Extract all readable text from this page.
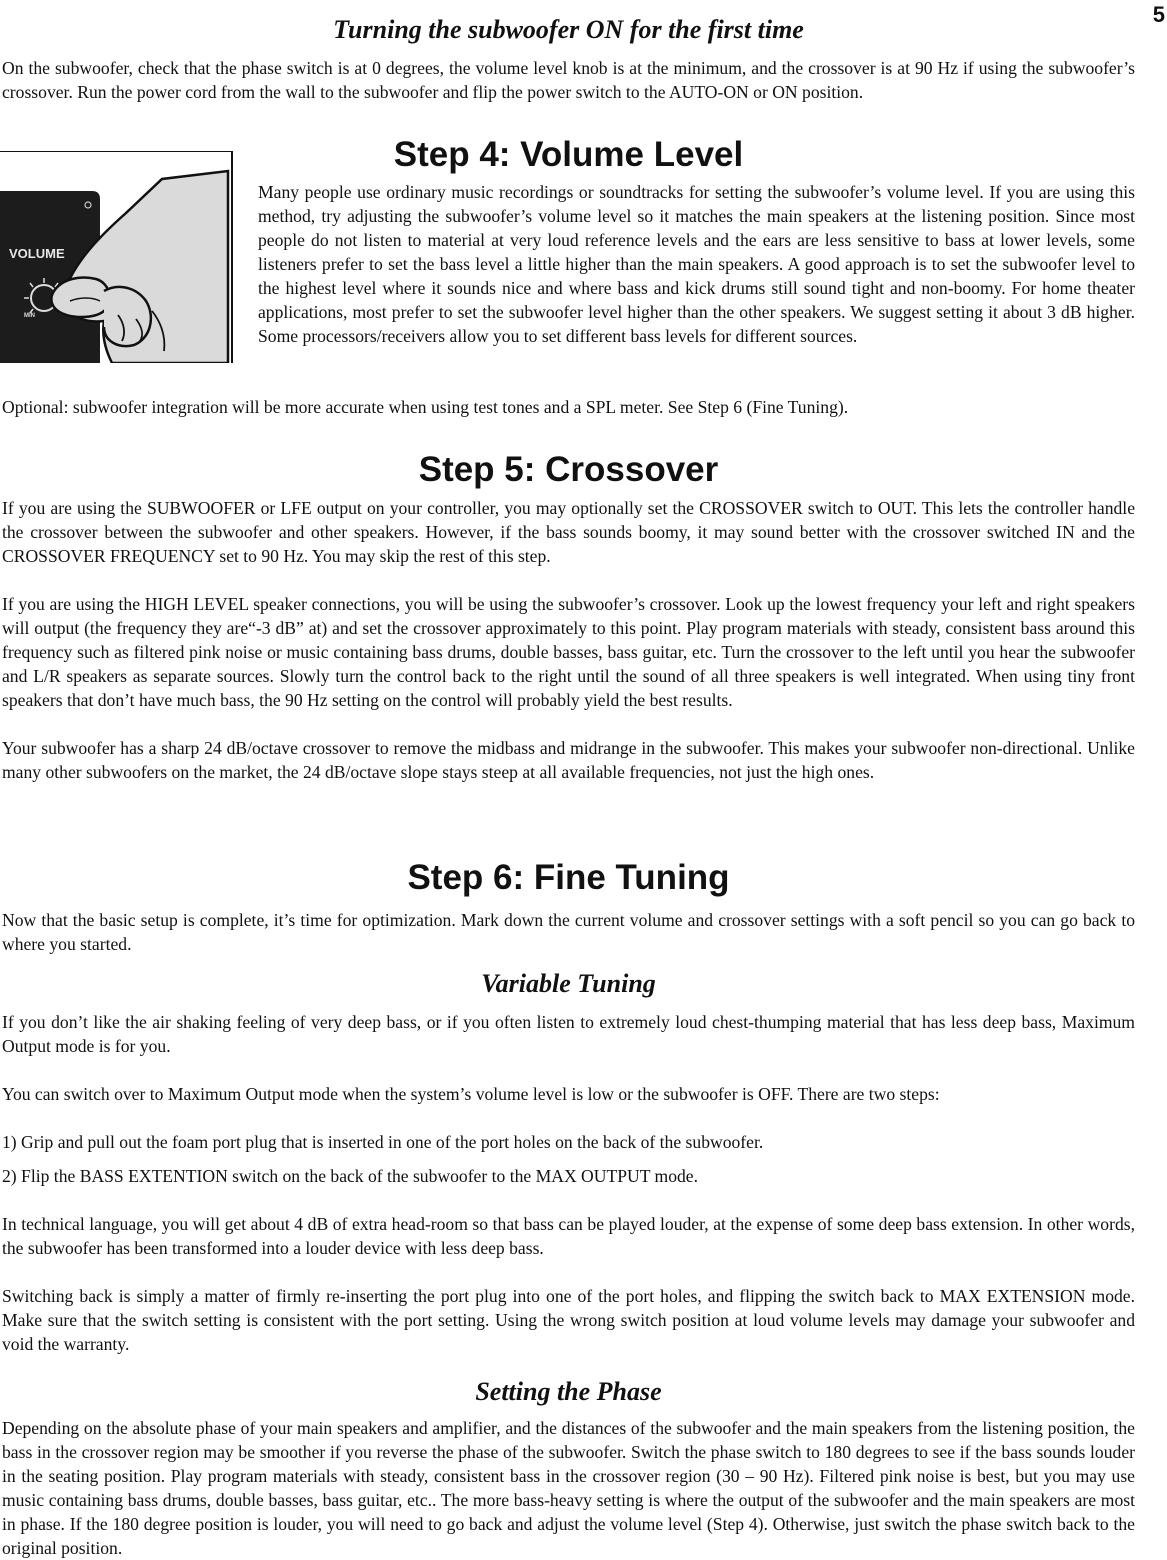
5
Turning the subwoofer ON for the first time

On the subwoofer, check that the phase switch is at 0 degrees, the volume level knob is at the minimum, and the crossover is at 90 Hz if using the subwoofer’s crossover. Run the power cord from the wall to the subwoofer and flip the power switch to the AUTO-ON or ON position.

Step 4: Volume Level

Many people use ordinary music recordings or soundtracks for setting the subwoofer’s volume level. If you are using this method, try adjusting the subwoofer’s volume level so it matches the main speakers at the listening position. Since most people do not listen to material at very loud reference levels and the ears are less sensitive to bass at lower levels, some listeners prefer to set the bass level a little higher than the main speakers. A good approach is to set the subwoofer level to the highest level where it sounds nice and where bass and kick drums still sound tight and non-boomy. For home theater applications, most prefer to set the subwoofer level higher than the other speakers. We suggest setting it about 3 dB higher. Some processors/receivers allow you to set different bass levels for different sources.

Optional: subwoofer integration will be more accurate when using test tones and a SPL meter. See Step 6 (Fine Tuning).

Step 5: Crossover

If you are using the SUBWOOFER or LFE output on your controller, you may optionally set the CROSSOVER switch to OUT. This lets the controller handle the crossover between the subwoofer and other speakers. However, if the bass sounds boomy, it may sound better with the crossover switched IN and the CROSSOVER FREQUENCY set to 90 Hz. You may skip the rest of this step.

If you are using the HIGH LEVEL speaker connections, you will be using the subwoofer’s crossover. Look up the lowest frequency your left and right speakers will output (the frequency they are“-3 dB” at) and set the crossover approximately to this point. Play program materials with steady, consistent bass around this frequency such as filtered pink noise or music containing bass drums, double basses, bass guitar, etc. Turn the crossover to the left until you hear the subwoofer and L/R speakers as separate sources. Slowly turn the control back to the right until the sound of all three speakers is well integrated. When using tiny front speakers that don’t have much bass, the 90 Hz setting on the control will probably yield the best results.

Your subwoofer has a sharp 24 dB/octave crossover to remove the midbass and midrange in the subwoofer. This makes your subwoofer non-directional. Unlike many other subwoofers on the market, the 24 dB/octave slope stays steep at all available frequencies, not just the high ones.

Step 6: Fine Tuning

Now that the basic setup is complete, it’s time for optimization. Mark down the current volume and crossover settings with a soft pencil so you can go back to where you started.

Variable Tuning

If you don’t like the air shaking feeling of very deep bass, or if you often listen to extremely loud chest-thumping material that has less deep bass, Maximum Output mode is for you.

You can switch over to Maximum Output mode when the system’s volume level is low or the subwoofer is OFF. There are two steps:

1) Grip and pull out the foam port plug that is inserted in one of the port holes on the back of the subwoofer.

2) Flip the BASS EXTENTION switch on the back of the subwoofer to the MAX OUTPUT mode.

In technical language, you will get about 4 dB of extra head-room so that bass can be played louder, at the expense of some deep bass extension. In other words, the subwoofer has been transformed into a louder device with less deep bass.

Switching back is simply a matter of firmly re-inserting the port plug into one of the port holes, and flipping the switch back to MAX EXTENSION mode. Make sure that the switch setting is consistent with the port setting. Using the wrong switch position at loud volume levels may damage your subwoofer and void the warranty.

Setting the Phase

Depending on the absolute phase of your main speakers and amplifier, and the distances of the subwoofer and the main speakers from the listening position, the bass in the crossover region may be smoother if you reverse the phase of the subwoofer. Switch the phase switch to 180 degrees to see if the bass sounds louder in the seating position. Play program materials with steady, consistent bass in the crossover region (30 – 90 Hz). Filtered pink noise is best, but you may use music containing bass drums, double basses, bass guitar, etc.. The more bass-heavy setting is where the output of the subwoofer and the main speakers are most in phase. If the 180 degree position is louder, you will need to go back and adjust the volume level (Step 4). Otherwise, just switch the phase switch back to the original position.

VOLUME
MIN
